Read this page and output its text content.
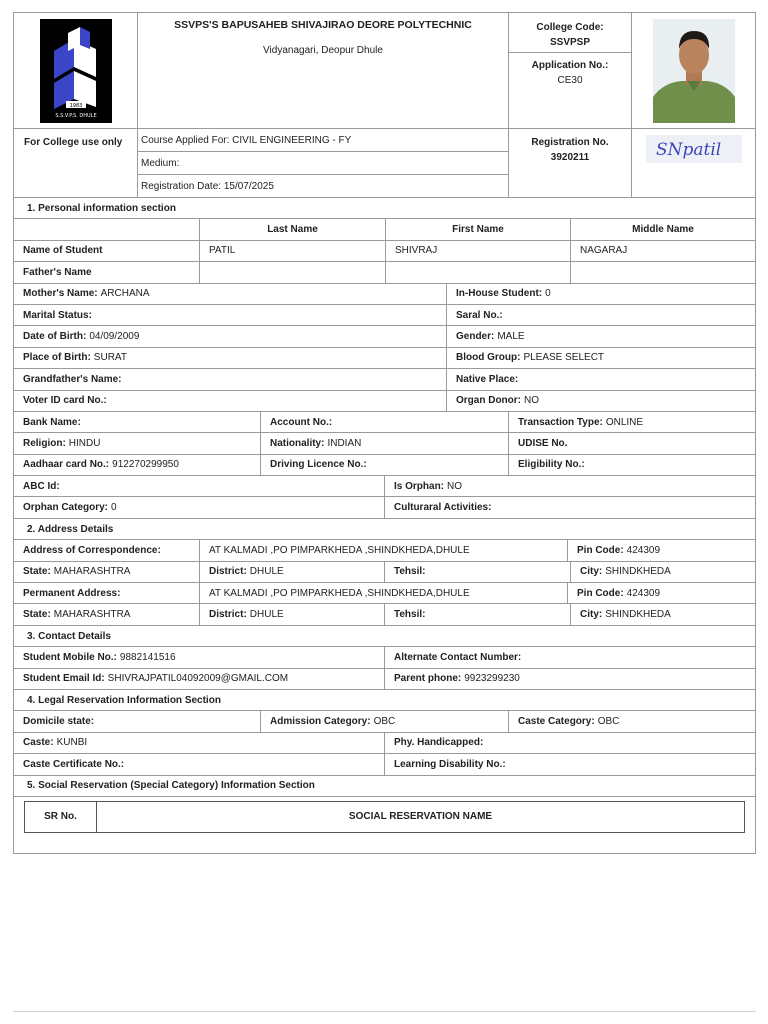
1983
S.S.V.P.S. DHULE
SSVPS'S BAPUSAHEB SHIVAJIRAO DEORE POLYTECHNIC
Vidyanagari, Deopur Dhule
College Code:
SSVPSP
Application No.:
CE30
For College use only	Course Applied For:
CIVIL ENGINEERING - FY
Medium:

Registration Date:
15/07/2025
Registration No.
3920211	SNpatil
1. Personal information section
Last Name	First Name	Middle Name
Name of Student	PATIL	SHIVRAJ	NAGARAJ
Father's Name
Mother's Name: ARCHANA	In-House Student: 0
Marital Status:	Saral No.:
Date of Birth: 04/09/2009	Gender: MALE
Place of Birth: SURAT	Blood Group: PLEASE SELECT
Grandfather's Name:	Native Place:
Voter ID card No.:	Organ Donor: NO
Bank Name:	Account No.:	Transaction Type: ONLINE
Religion: HINDU	Nationality: INDIAN	UDISE No.
Aadhaar card No.: 912270299950	Driving Licence No.:	Eligibility No.:
ABC Id:	Is Orphan: NO
Orphan Category: 0	Culturaral Activities:
2. Address Details
Address of Correspondence:	AT KALMADI ,PO PIMPARKHEDA ,SHINDKHEDA,DHULE	Pin Code: 424309
State: MAHARASHTRA	District: DHULE	Tehsil:	City: SHINDKHEDA
Permanent Address:	AT KALMADI ,PO PIMPARKHEDA ,SHINDKHEDA,DHULE	Pin Code: 424309
State: MAHARASHTRA	District: DHULE	Tehsil:	City: SHINDKHEDA
3. Contact Details
Student Mobile No.: 9882141516	Alternate Contact Number:
Student Email Id: SHIVRAJPATIL04092009@GMAIL.COM	Parent phone: 9923299230
4. Legal Reservation Information Section
Domicile state:	Admission Category: OBC	Caste Category: OBC
Caste: KUNBI	Phy. Handicapped:
Caste Certificate No.:	Learning Disability No.:
5. Social Reservation (Special Category) Information Section
SR No.	SOCIAL RESERVATION NAME
